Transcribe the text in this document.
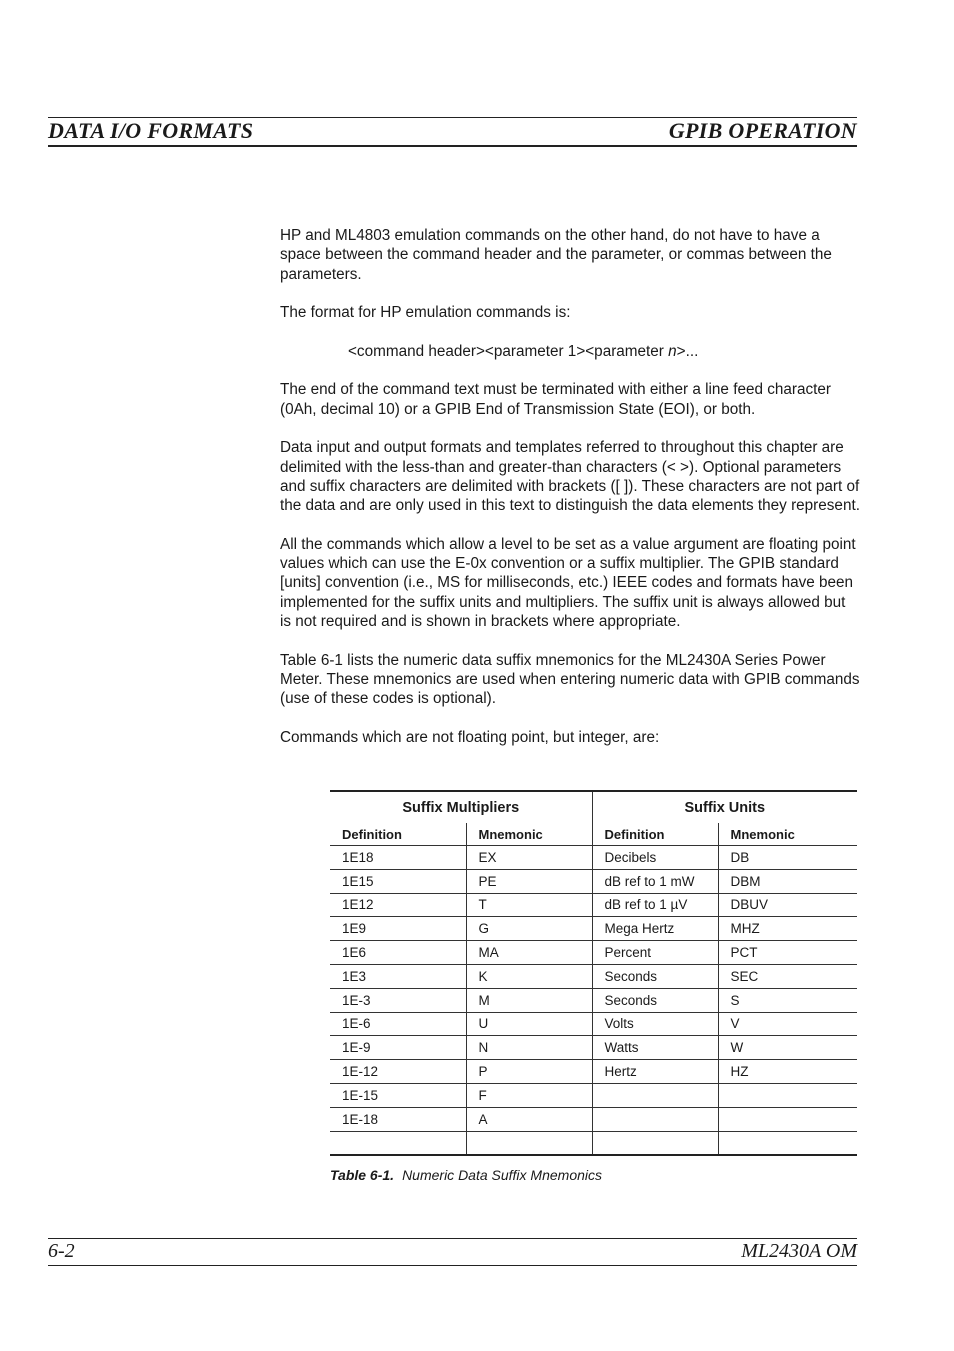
DATA I/O FORMATS	GPIB OPERATION

HP and ML4803 emulation commands on the other hand, do not have to have a space between the command header and the parameter, or commas between the parameters.

The format for HP emulation commands is:

<command header><parameter 1><parameter n>...

The end of the command text must be terminated with either a line feed character (0Ah, decimal 10) or a GPIB End of Transmission State (EOI), or both.

Data input and output formats and templates referred to throughout this chapter are delimited with the less-than and greater-than characters (< >). Optional parameters and suffix characters are delimited with brackets ([ ]). These characters are not part of the data and are only used in this text to distinguish the data elements they represent.

All the commands which allow a level to be set as a value argument are floating point values which can use the E-0x convention or a suffix multiplier. The GPIB standard [units] convention (i.e., MS for milliseconds, etc.) IEEE codes and formats have been implemented for the suffix units and multipliers. The suffix unit is always allowed but is not required and is shown in brackets where appropriate.

Table 6-1 lists the numeric data suffix mnemonics for the ML2430A Series Power Meter. These mnemonics are used when entering numeric data with GPIB commands (use of these codes is optional).

Commands which are not floating point, but integer, are:

Suffix Multipliers		Suffix Units	
Definition	Mnemonic	Definition	Mnemonic
1E18	EX	Decibels	DB
1E15	PE	dB ref to 1 mW	DBM
1E12	T	dB ref to 1 µV	DBUV
1E9	G	Mega Hertz	MHZ
1E6	MA	Percent	PCT
1E3	K	Seconds	SEC
1E-3	M	Seconds	S
1E-6	U	Volts	V
1E-9	N	Watts	W
1E-12	P	Hertz	HZ
1E-15	F		
1E-18	A		

Table 6-1. Numeric Data Suffix Mnemonics
6-2	ML2430A OM
